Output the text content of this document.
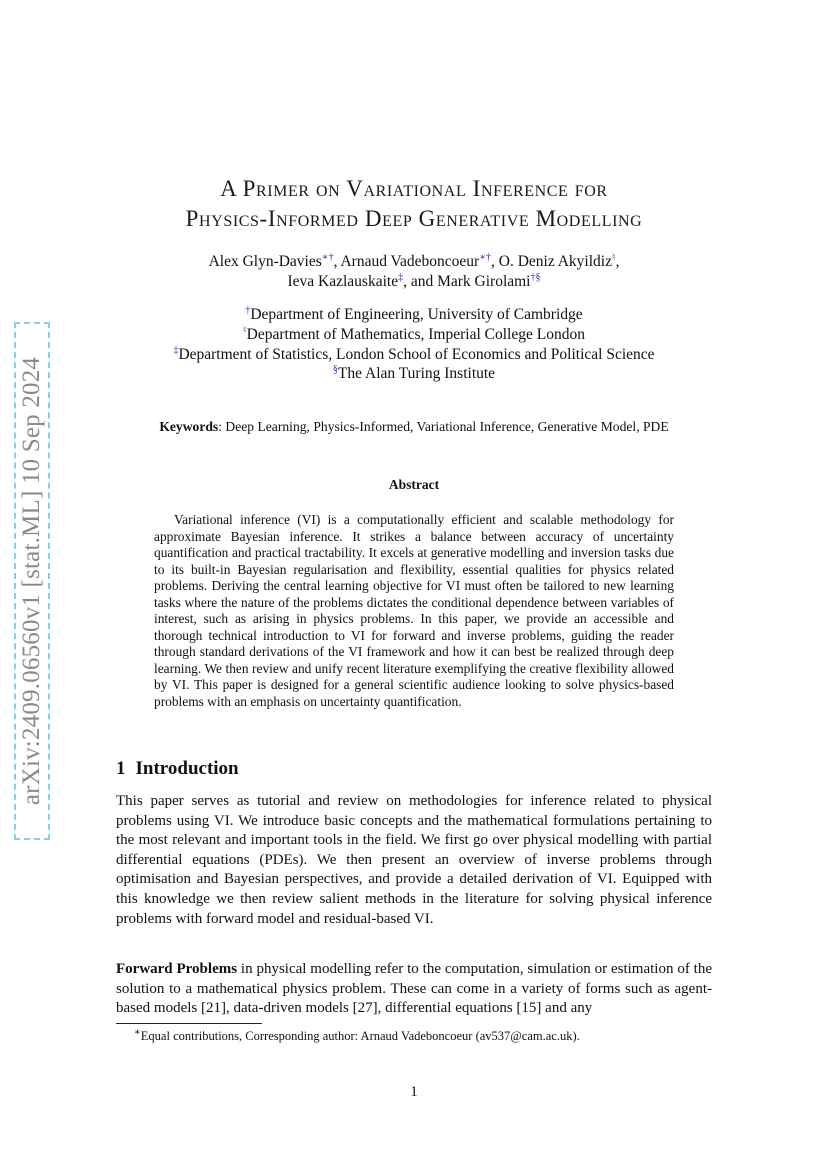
arXiv:2409.06560v1 [stat.ML] 10 Sep 2024
A Primer on Variational Inference for
Physics-Informed Deep Generative Modelling
Alex Glyn-Davies∗†, Arnaud Vadeboncoeur∗†, O. Deniz Akyildiz♮,
Ieva Kazlauskaite‡, and Mark Girolami†§
†Department of Engineering, University of Cambridge
♮Department of Mathematics, Imperial College London
‡Department of Statistics, London School of Economics and Political Science
§The Alan Turing Institute
Keywords: Deep Learning, Physics-Informed, Variational Inference, Generative Model, PDE
Abstract

Variational inference (VI) is a computationally efficient and scalable methodology for approximate Bayesian inference. It strikes a balance between accuracy of uncertainty quantification and practical tractability. It excels at generative modelling and inversion tasks due to its built-in Bayesian regularisation and flexibility, essential qualities for physics related problems. Deriving the central learning objective for VI must often be tailored to new learning tasks where the nature of the problems dictates the conditional dependence between variables of interest, such as arising in physics problems. In this paper, we provide an accessible and thorough technical introduction to VI for forward and inverse problems, guiding the reader through standard derivations of the VI framework and how it can best be realized through deep learning. We then review and unify recent literature exemplifying the creative flexibility allowed by VI. This paper is designed for a general scientific audience looking to solve physics-based problems with an emphasis on uncertainty quantification.

1 Introduction

This paper serves as tutorial and review on methodologies for inference related to physical problems using VI. We introduce basic concepts and the mathematical formulations pertaining to the most relevant and important tools in the field. We first go over physical modelling with partial differential equations (PDEs). We then present an overview of inverse problems through optimisation and Bayesian perspectives, and provide a detailed derivation of VI. Equipped with this knowledge we then review salient methods in the literature for solving physical inference problems with forward model and residual-based VI.

Forward Problems in physical modelling refer to the computation, simulation or estimation of the solution to a mathematical physics problem. These can come in a variety of forms such as agent-based models [21], data-driven models [27], differential equations [15] and any

∗Equal contributions, Corresponding author: Arnaud Vadeboncoeur (av537@cam.ac.uk).
1
